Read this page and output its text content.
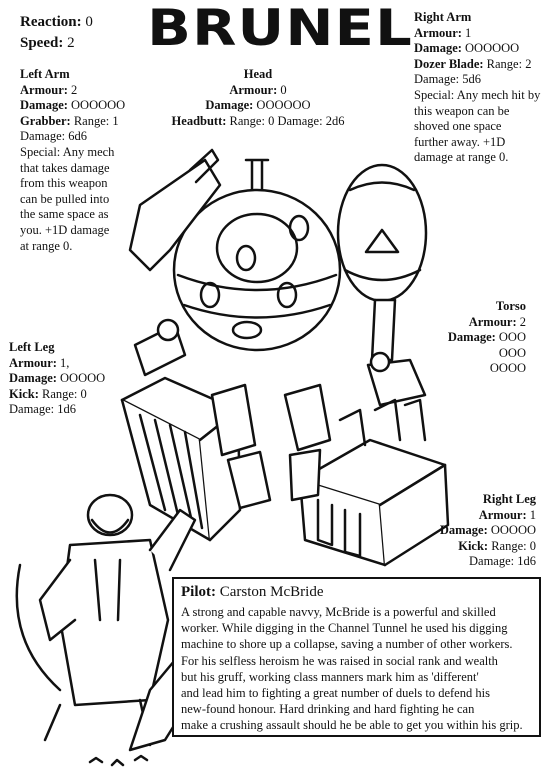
BRUNEL
Reaction: 0
Speed: 2
Left Arm
Armour: 2
Damage: OOOOOO
Grabber: Range: 1
Damage: 6d6
Special: Any mech
that takes damage
from this weapon
can be pulled into
the same space as
you. +1D damage
at range 0.
Head
Armour: 0
Damage: OOOOOO
Headbutt: Range: 0 Damage: 2d6
Right Arm
Armour: 1
Damage: OOOOOO
Dozer Blade: Range: 2
Damage: 5d6
Special: Any mech hit by
this weapon can be
shoved one space
further away. +1D
damage at range 0.
Torso
Armour: 2
Damage: OOO
OOO
OOOO
Left Leg
Armour: 1,
Damage: OOOOO
Kick: Range: 0
Damage: 1d6
Right Leg
Armour: 1
Damage: OOOOO
Kick: Range: 0
Damage: 1d6
Pilot: Carston McBride
A strong and capable navvy, McBride is a powerful and skilled
worker. While digging in the Channel Tunnel he used his digging
machine to shore up a collapse, saving a number of other workers.
For his selfless heroism he was raised in social rank and wealth
but his gruff, working class manners mark him as 'different'
and lead him to fighting a great number of duels to defend his
new-found honour. Hard drinking and hard fighting he can
make a crushing assault should he be able to get you within his grip.
